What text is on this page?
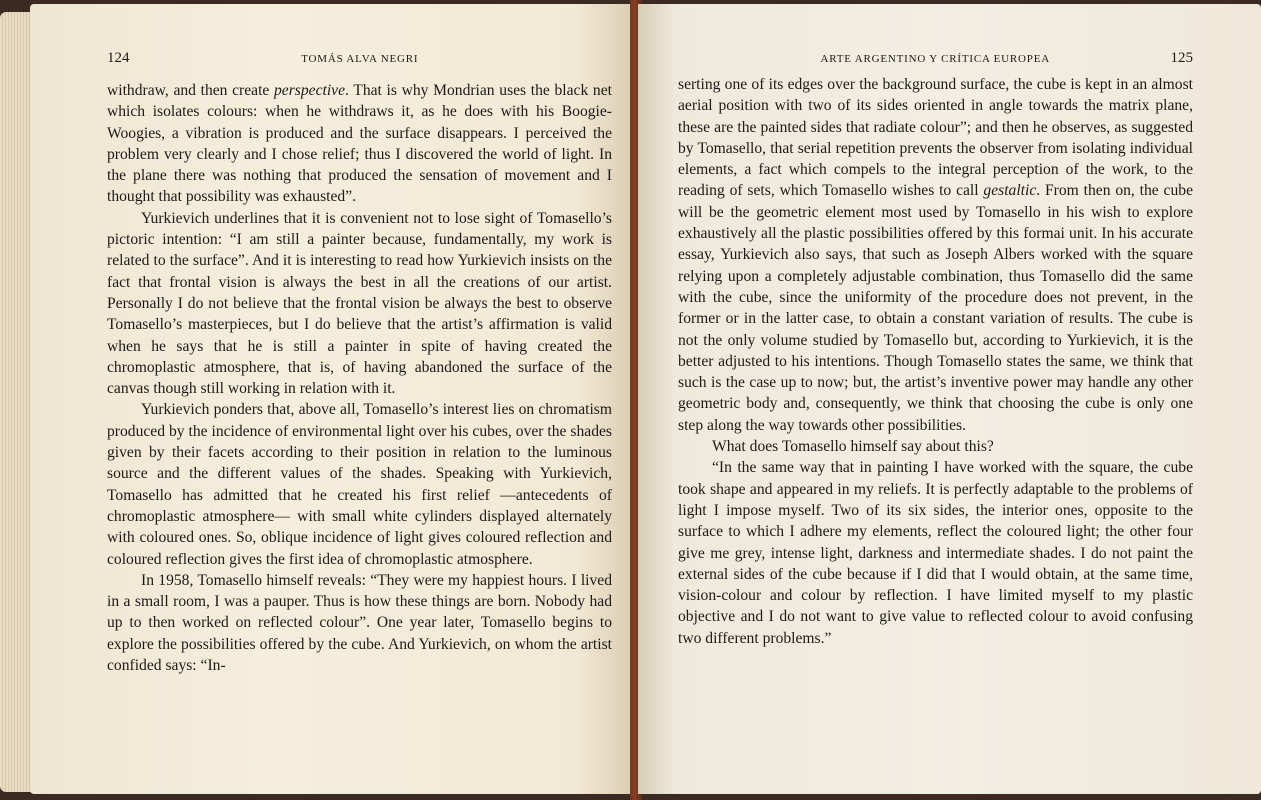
124	TOMÁS ALVA NEGRI

withdraw, and then create perspective. That is why Mondrian uses the black net which isolates colours: when he withdraws it, as he does with his Boogie-Woogies, a vibration is produced and the surface disappears. I perceived the problem very clearly and I chose relief; thus I discovered the world of light. In the plane there was nothing that produced the sensation of movement and I thought that possibility was exhausted”.

Yurkievich underlines that it is convenient not to lose sight of Tomasello’s pictoric intention: “I am still a painter because, fundamentally, my work is related to the surface”. And it is interesting to read how Yurkievich insists on the fact that frontal vision is always the best in all the creations of our artist. Personally I do not believe that the frontal vision be always the best to observe Tomasello’s masterpieces, but I do believe that the artist’s affirmation is valid when he says that he is still a painter in spite of having created the chromoplastic atmosphere, that is, of having abandoned the surface of the canvas though still working in relation with it.

Yurkievich ponders that, above all, Tomasello’s interest lies on chromatism produced by the incidence of environmental light over his cubes, over the shades given by their facets according to their position in relation to the luminous source and the different values of the shades. Speaking with Yurkievich, Tomasello has admitted that he created his first relief —antecedents of chromoplastic atmosphere— with small white cylinders displayed alternately with coloured ones. So, oblique incidence of light gives coloured reflection and coloured reflection gives the first idea of chromoplastic atmosphere.

In 1958, Tomasello himself reveals: “They were my happiest hours. I lived in a small room, I was a pauper. Thus is how these things are born. Nobody had up to then worked on reflected colour”. One year later, Tomasello begins to explore the possibilities offered by the cube. And Yurkievich, on whom the artist confided says: “In-

ARTE ARGENTINO Y CRÍTICA EUROPEA	125

serting one of its edges over the background surface, the cube is kept in an almost aerial position with two of its sides oriented in angle towards the matrix plane, these are the painted sides that radiate colour”; and then he observes, as suggested by Tomasello, that serial repetition prevents the observer from isolating individual elements, a fact which compels to the integral perception of the work, to the reading of sets, which Tomasello wishes to call gestaltic. From then on, the cube will be the geometric element most used by Tomasello in his wish to explore exhaustively all the plastic possibilities offered by this formai unit. In his accurate essay, Yurkievich also says, that such as Joseph Albers worked with the square relying upon a completely adjustable combination, thus Tomasello did the same with the cube, since the uniformity of the procedure does not prevent, in the former or in the latter case, to obtain a constant variation of results. The cube is not the only volume studied by Tomasello but, according to Yurkievich, it is the better adjusted to his intentions. Though Tomasello states the same, we think that such is the case up to now; but, the artist’s inventive power may handle any other geometric body and, consequently, we think that choosing the cube is only one step along the way towards other possibilities.

What does Tomasello himself say about this?

“In the same way that in painting I have worked with the square, the cube took shape and appeared in my reliefs. It is perfectly adaptable to the problems of light I impose myself. Two of its six sides, the interior ones, opposite to the surface to which I adhere my elements, reflect the coloured light; the other four give me grey, intense light, darkness and intermediate shades. I do not paint the external sides of the cube because if I did that I would obtain, at the same time, vision-colour and colour by reflection. I have limited myself to my plastic objective and I do not want to give value to reflected colour to avoid confusing two different problems.”
